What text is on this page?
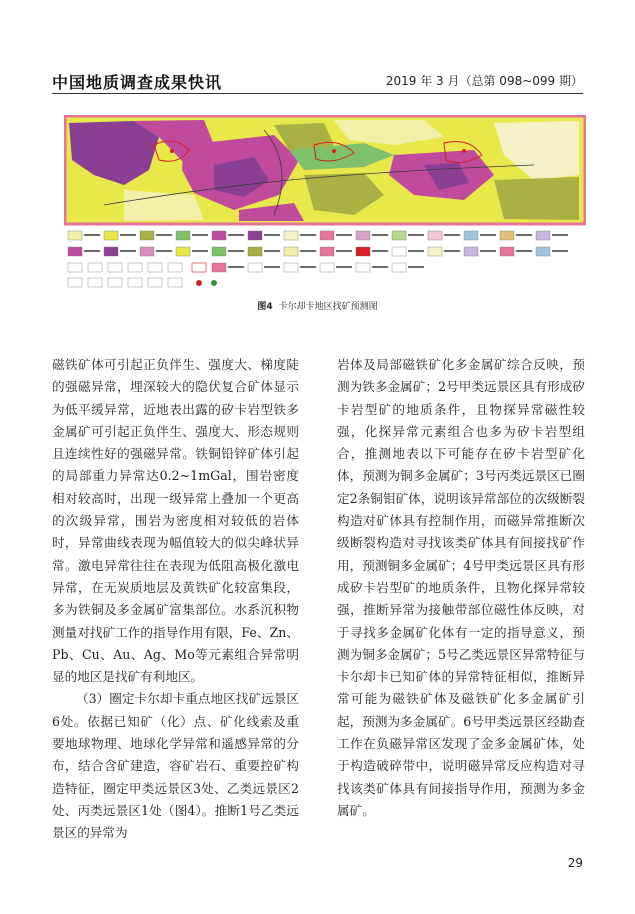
中国地质调查成果快讯	2019 年 3 月（总第 098~099 期）
图4 卡尔却卡地区找矿预测图

磁铁矿体可引起正负伴生、强度大、梯度陡的强磁异常，埋深较大的隐伏复合矿体显示为低平缓异常，近地表出露的矽卡岩型铁多金属矿可引起正负伴生、强度大、形态规则且连续性好的强磁异常。铁铜铅锌矿体引起的局部重力异常达0.2~1mGal，围岩密度相对较高时，出现一级异常上叠加一个更高的次级异常，围岩为密度相对较低的岩体时，异常曲线表现为幅值较大的似尖峰状异常。激电异常往往在表现为低阻高极化激电异常，在无炭质地层及黄铁矿化较富集段，多为铁铜及多金属矿富集部位。水系沉积物测量对找矿工作的指导作用有限，Fe、Zn、Pb、Cu、Au、Ag、Mo等元素组合异常明显的地区是找矿有利地区。

（3）圈定卡尔却卡重点地区找矿远景区6处。依据已知矿（化）点、矿化线索及重要地球物理、地球化学异常和遥感异常的分布，结合含矿建造，容矿岩石、重要控矿构造特征，圈定甲类远景区3处、乙类远景区2处、丙类远景区1处（图4）。推断1号乙类远景区的异常为

岩体及局部磁铁矿化多金属矿综合反映，预测为铁多金属矿；2号甲类远景区具有形成矽卡岩型矿的地质条件，且物探异常磁性较强，化探异常元素组合也多为矽卡岩型组合，推测地表以下可能存在矽卡岩型矿化体，预测为铜多金属矿；3号丙类远景区已圈定2条铜钼矿体，说明该异常部位的次级断裂构造对矿体具有控制作用，而磁异常推断次级断裂构造对寻找该类矿体具有间接找矿作用，预测铜多金属矿；4号甲类远景区具有形成矽卡岩型矿的地质条件，且物化探异常较强，推断异常为接触带部位磁性体反映，对于寻找多金属矿化体有一定的指导意义，预测为铜多金属矿；5号乙类远景区异常特征与卡尔却卡已知矿体的异常特征相似，推断异常可能为磁铁矿体及磁铁矿化多金属矿引起，预测为多金属矿。6号甲类远景区经勘查工作在负磁异常区发现了金多金属矿体，处于构造破碎带中，说明磁异常反应构造对寻找该类矿体具有间接指导作用，预测为多金属矿。

29
